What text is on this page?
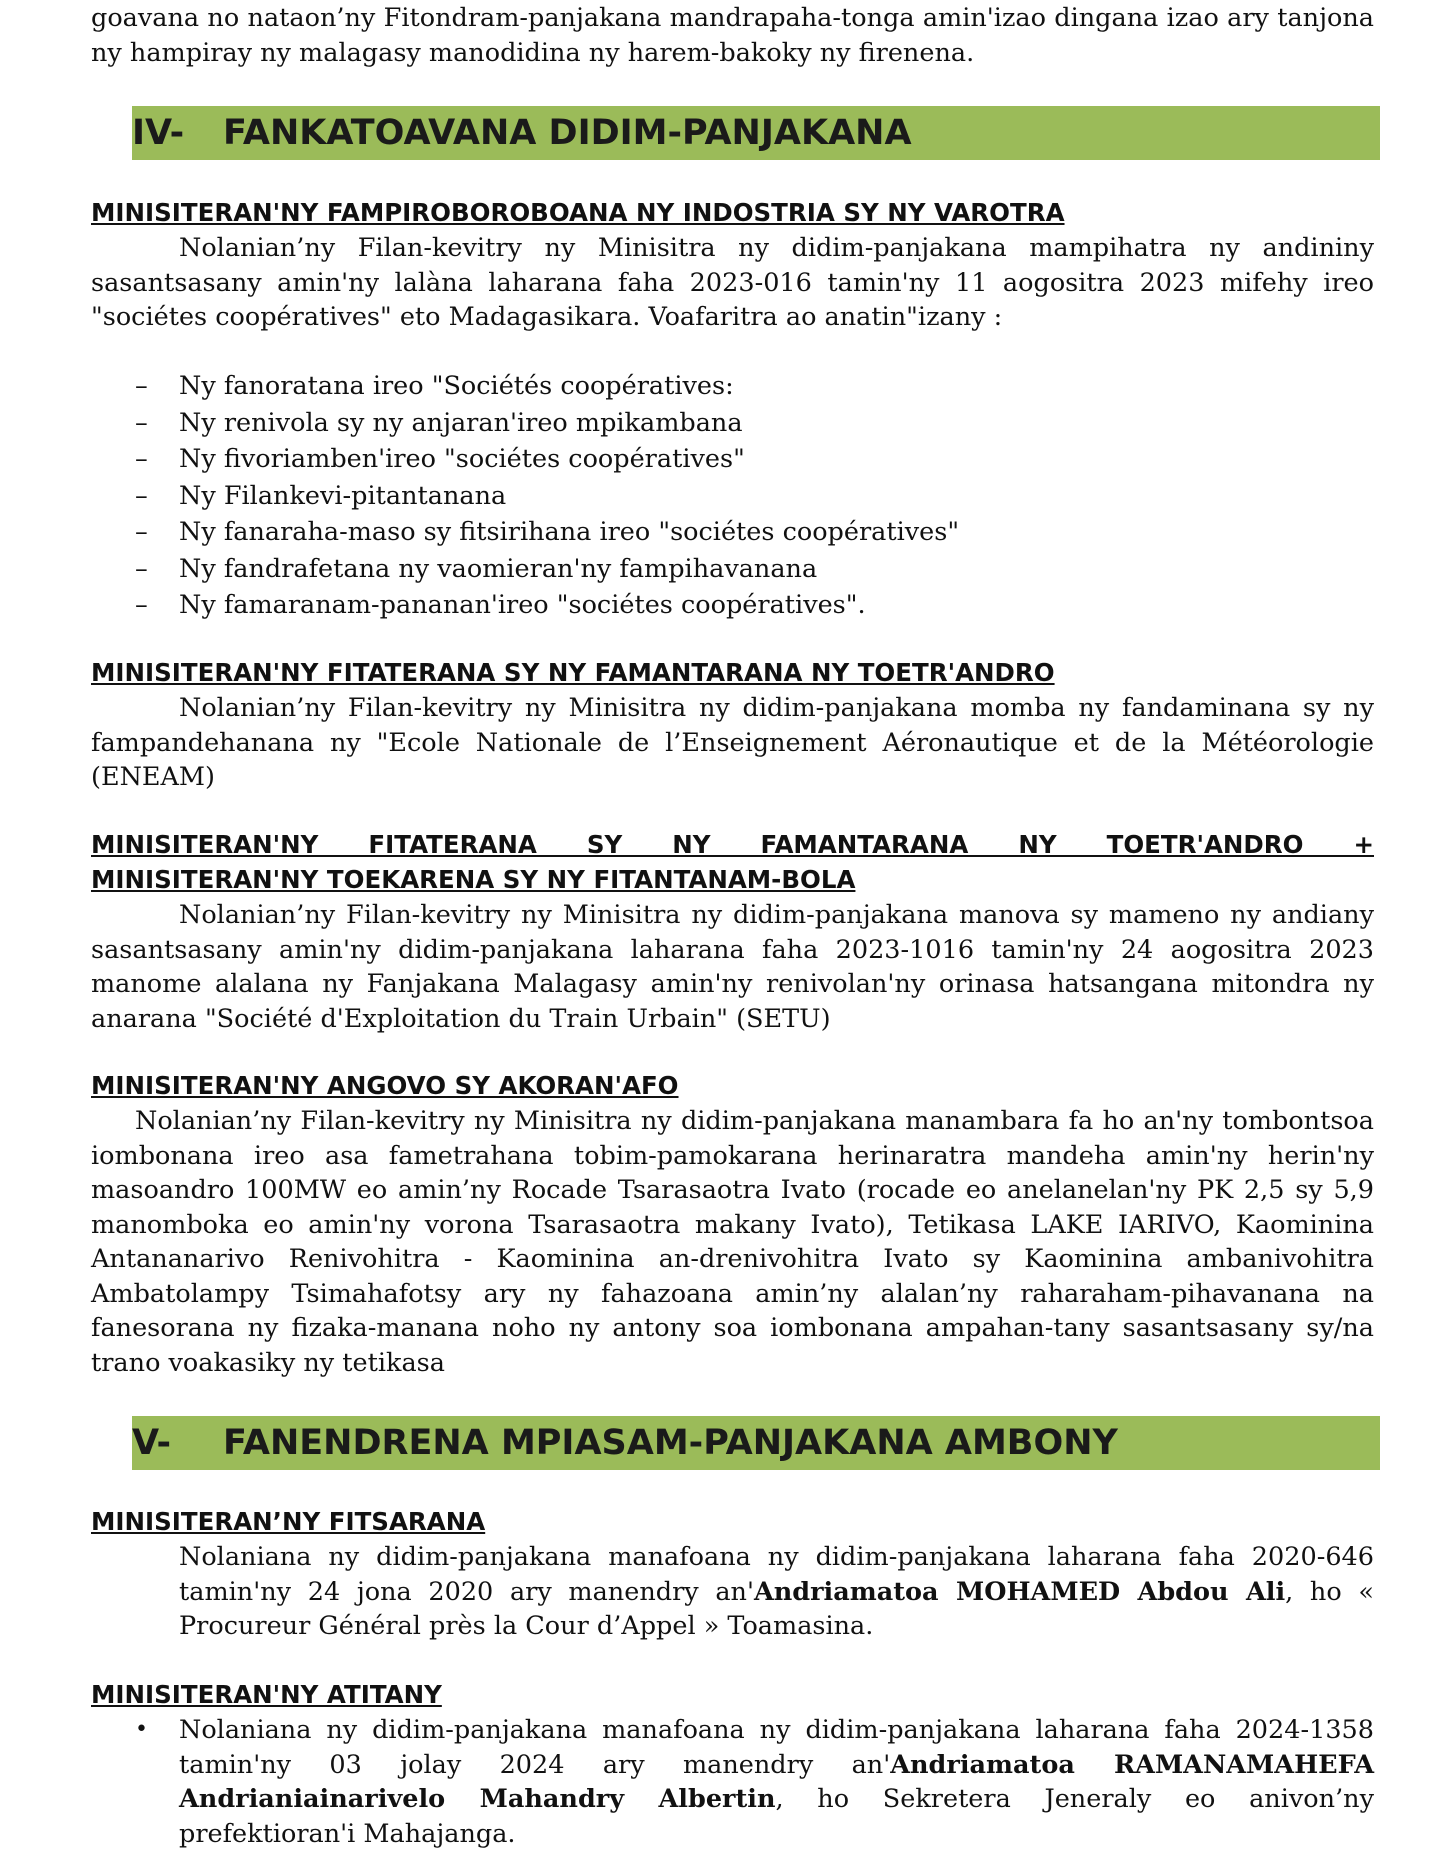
goavana no nataon’ny Fitondram-panjakana mandrapaha-tonga amin'izao dingana izao ary tanjona ny hampiray ny malagasy manodidina ny harem-bakoky ny firenena.

IV- FANKATOAVANA DIDIM-PANJAKANA

MINISITERAN'NY FAMPIROBOROBOANA NY INDOSTRIA SY NY VAROTRA

Nolanian’ny Filan-kevitry ny Minisitra ny didim-panjakana mampihatra ny andininy sasantsasany amin'ny lalàna laharana faha 2023-016 tamin'ny 11 aogositra 2023 mifehy ireo "sociétes coopératives" eto Madagasikara. Voafaritra ao anatin"izany :

– Ny fanoratana ireo "Sociétés coopératives:
– Ny renivola sy ny anjaran'ireo mpikambana
– Ny fivoriamben'ireo "sociétes coopératives"
– Ny Filankevi-pitantanana
– Ny fanaraha-maso sy fitsirihana ireo "sociétes coopératives"
– Ny fandrafetana ny vaomieran'ny fampihavanana
– Ny famaranam-pananan'ireo "sociétes coopératives".

MINISITERAN'NY FITATERANA SY NY FAMANTARANA NY TOETR'ANDRO

Nolanian’ny Filan-kevitry ny Minisitra ny didim-panjakana momba ny fandaminana sy ny fampandehanana ny "Ecole Nationale de l’Enseignement Aéronautique et de la Météorologie (ENEAM)

MINISITERAN'NY FITATERANA SY NY FAMANTARANA NY TOETR'ANDRO +

MINISITERAN'NY TOEKARENA SY NY FITANTANAM-BOLA

Nolanian’ny Filan-kevitry ny Minisitra ny didim-panjakana manova sy mameno ny andiany sasantsasany amin'ny didim-panjakana laharana faha 2023-1016 tamin'ny 24 aogositra 2023 manome alalana ny Fanjakana Malagasy amin'ny renivolan'ny orinasa hatsangana mitondra ny anarana "Société d'Exploitation du Train Urbain" (SETU)

MINISITERAN'NY ANGOVO SY AKORAN'AFO

Nolanian’ny Filan-kevitry ny Minisitra ny didim-panjakana manambara fa ho an'ny tombontsoa iombonana ireo asa fametrahana tobim-pamokarana herinaratra mandeha amin'ny herin'ny masoandro 100MW eo amin’ny Rocade Tsarasaotra Ivato (rocade eo anelanelan'ny PK 2,5 sy 5,9 manomboka eo amin'ny vorona Tsarasaotra makany Ivato), Tetikasa LAKE IARIVO, Kaominina Antananarivo Renivohitra - Kaominina an-drenivohitra Ivato sy Kaominina ambanivohitra Ambatolampy Tsimahafotsy ary ny fahazoana amin’ny alalan’ny raharaham-pihavanana na fanesorana ny fizaka-manana noho ny antony soa iombonana ampahan-tany sasantsasany sy/na trano voakasiky ny tetikasa

V- FANENDRENA MPIASAM-PANJAKANA AMBONY

MINISITERAN’NY FITSARANA

Nolaniana ny didim-panjakana manafoana ny didim-panjakana laharana faha 2020-646 tamin'ny 24 jona 2020 ary manendry an'Andriamatoa MOHAMED Abdou Ali, ho « Procureur Général près la Cour d’Appel » Toamasina.

MINISITERAN'NY ATITANY

• Nolaniana ny didim-panjakana manafoana ny didim-panjakana laharana faha 2024-1358 tamin'ny 03 jolay 2024 ary manendry an'Andriamatoa RAMANAMAHEFA Andrianiainarivelo Mahandry Albertin, ho Sekretera Jeneraly eo anivon’ny prefektioran'i Mahajanga.
